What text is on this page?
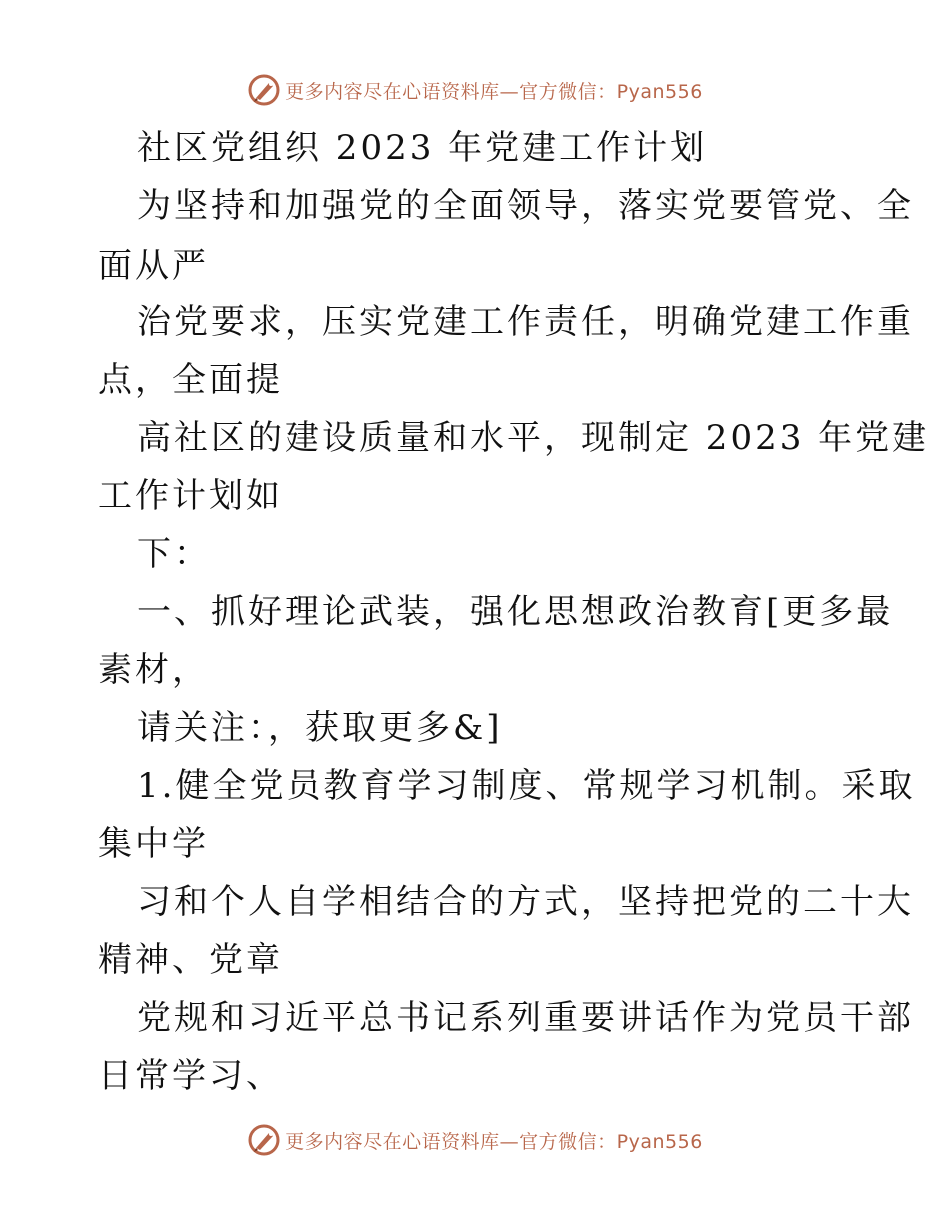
更多内容尽在心语资料库—官方微信：Pyan556
社区党组织 2023 年党建工作计划
为坚持和加强党的全面领导，落实党要管党、全
面从严
治党要求，压实党建工作责任，明确党建工作重
点，全面提
高社区的建设质量和水平，现制定 2023 年党建
工作计划如
下：
一、抓好理论武装，强化思想政治教育[更多最
素材，
请关注：，获取更多&]
1.健全党员教育学习制度、常规学习机制。采取
集中学
习和个人自学相结合的方式，坚持把党的二十大
精神、党章
党规和习近平总书记系列重要讲话作为党员干部
日常学习、
更多内容尽在心语资料库—官方微信：Pyan556
